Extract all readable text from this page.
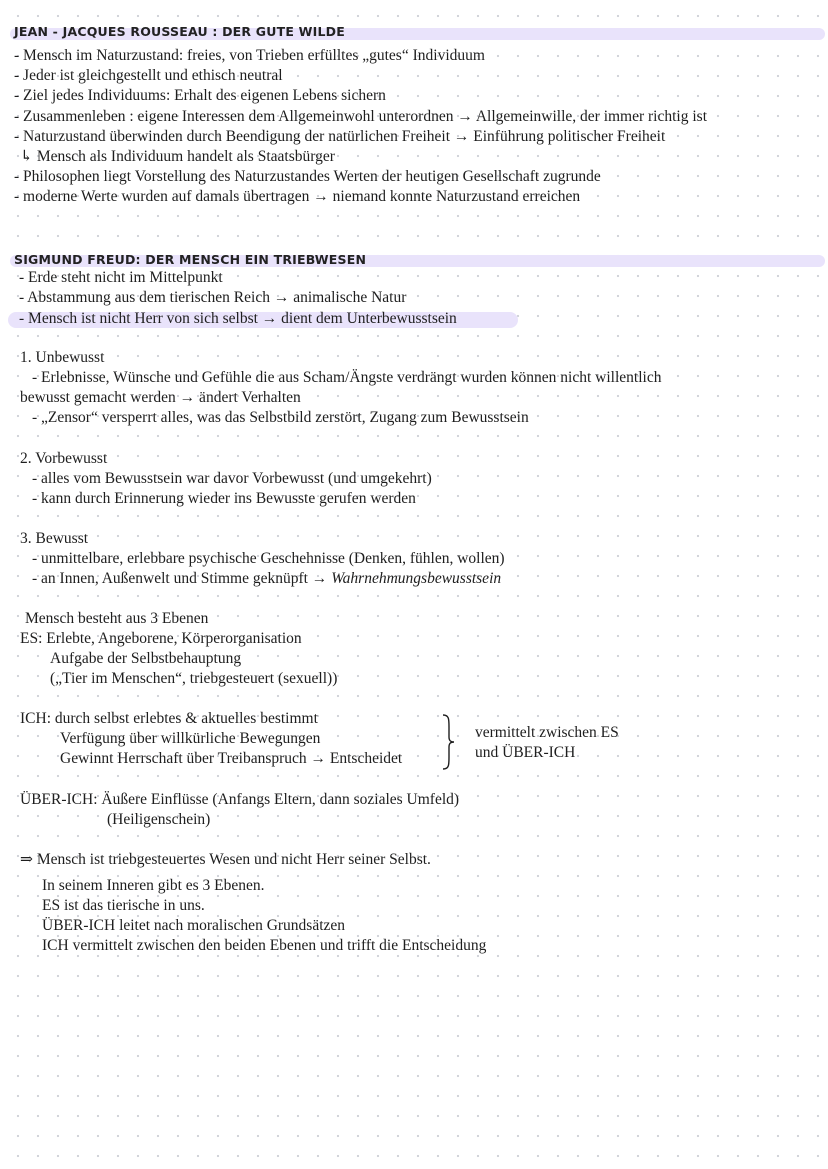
JEAN - JACQUES ROUSSEAU : DER GUTE WILDE
- Mensch im Naturzustand: freies, von Trieben erfülltes „gutes“ Individuum
- Jeder ist gleichgestellt und ethisch neutral
- Ziel jedes Individuums: Erhalt des eigenen Lebens sichern
- Zusammenleben : eigene Interessen dem Allgemeinwohl unterordnen → Allgemeinwille, der immer richtig ist
- Naturzustand überwinden durch Beendigung der natürlichen Freiheit → Einführung politischer Freiheit
↳ Mensch als Individuum handelt als Staatsbürger
- Philosophen liegt Vorstellung des Naturzustandes Werten der heutigen Gesellschaft zugrunde
- moderne Werte wurden auf damals übertragen → niemand konnte Naturzustand erreichen
SIGMUND FREUD: DER MENSCH EIN TRIEBWESEN
- Erde steht nicht im Mittelpunkt
- Abstammung aus dem tierischen Reich → animalische Natur
- Mensch ist nicht Herr von sich selbst → dient dem Unterbewusstsein
1. Unbewusst
- Erlebnisse, Wünsche und Gefühle die aus Scham/Ängste verdrängt wurden können nicht willentlich
bewusst gemacht werden → ändert Verhalten
- „Zensor“ versperrt alles, was das Selbstbild zerstört, Zugang zum Bewusstsein
2. Vorbewusst
- alles vom Bewusstsein war davor Vorbewusst (und umgekehrt)
- kann durch Erinnerung wieder ins Bewusste gerufen werden
3. Bewusst
- unmittelbare, erlebbare psychische Geschehnisse (Denken, fühlen, wollen)
- an Innen, Außenwelt und Stimme geknüpft → Wahrnehmungsbewusstsein
Mensch besteht aus 3 Ebenen
ES: Erlebte, Angeborene, Körperorganisation
Aufgabe der Selbstbehauptung
(„Tier im Menschen“, triebgesteuert (sexuell))
ICH: durch selbst erlebtes & aktuelles bestimmt
Verfügung über willkürliche Bewegungen
Gewinnt Herrschaft über Treibanspruch → Entscheidet
vermittelt zwischen ES
und ÜBER-ICH
ÜBER-ICH: Äußere Einflüsse (Anfangs Eltern, dann soziales Umfeld)
(Heiligenschein)
⇒ Mensch ist triebgesteuertes Wesen und nicht Herr seiner Selbst.
In seinem Inneren gibt es 3 Ebenen.
ES ist das tierische in uns.
ÜBER-ICH leitet nach moralischen Grundsätzen
ICH vermittelt zwischen den beiden Ebenen und trifft die Entscheidung
